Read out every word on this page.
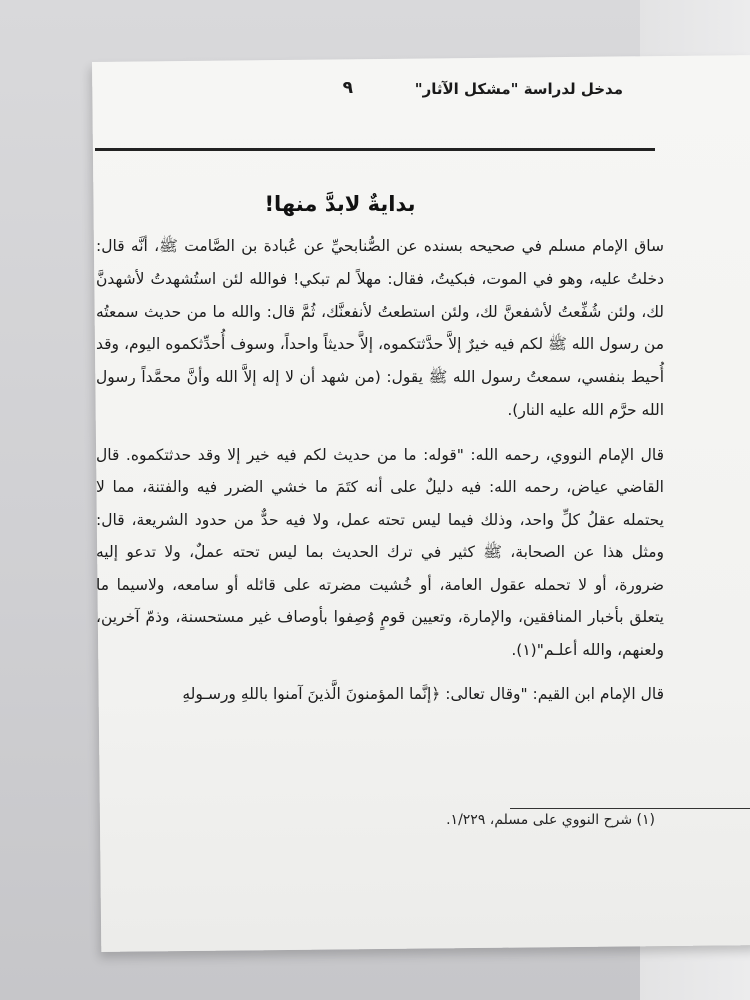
مدخل لدراسة "مشكل الآثار"
٩
بدايةٌ لابدَّ منها!

ساق الإمام مسلم في صحيحه بسنده عن الصُّنابحيِّ عن عُبادة بن الصَّامت ﷺ، أنَّه قال: دخلتُ عليه، وهو في الموت، فبكيتُ، فقال: مهلاً لم تبكي! فوالله لئن استُشهدتُ لأشهدنَّ لك، ولئن شُفِّعتُ لأشفعنَّ لك، ولئن استطعتُ لأنفعنَّك، ثُمَّ قال: والله ما من حديث سمعتُه من رسول الله ﷺ لكم فيه خيرٌ إلاَّ حدَّثتكموه، إلاَّ حديثاً واحداً، وسوف أُحدِّثكموه اليوم، وقد أُحيط بنفسي، سمعتُ رسول الله ﷺ يقول: (من شهد أن لا إله إلاَّ الله وأنَّ محمَّداً رسول الله حرَّم الله عليه النار).

قال الإمام النووي، رحمه الله: "قوله: ما من حديث لكم فيه خير إلا وقد حدثتكموه. قال القاضي عياض، رحمه الله: فيه دليلٌ على أنه كتَمَ ما خشي الضرر فيه والفتنة، مما لا يحتمله عقلُ كلِّ واحد، وذلك فيما ليس تحته عمل، ولا فيه حدٌّ من حدود الشريعة، قال: ومثل هذا عن الصحابة، ﷺ كثير في ترك الحديث بما ليس تحته عملٌ، ولا تدعو إليه ضرورة، أو لا تحمله عقول العامة، أو خُشيت مضرته على قائله أو سامعه، ولاسيما ما يتعلق بأخبار المنافقين، والإمارة، وتعيين قومٍ وُصِفوا بأوصاف غير مستحسنة، وذمّ آخرين، ولعنهم، والله أعلـم"(١).

قال الإمام ابن القيم: "وقال تعالى: ﴿إنَّما المؤمنونَ الَّذينَ آمنوا باللهِ ورسـولهِ

(١) شرح النووي على مسلم، ١/٢٢٩.
